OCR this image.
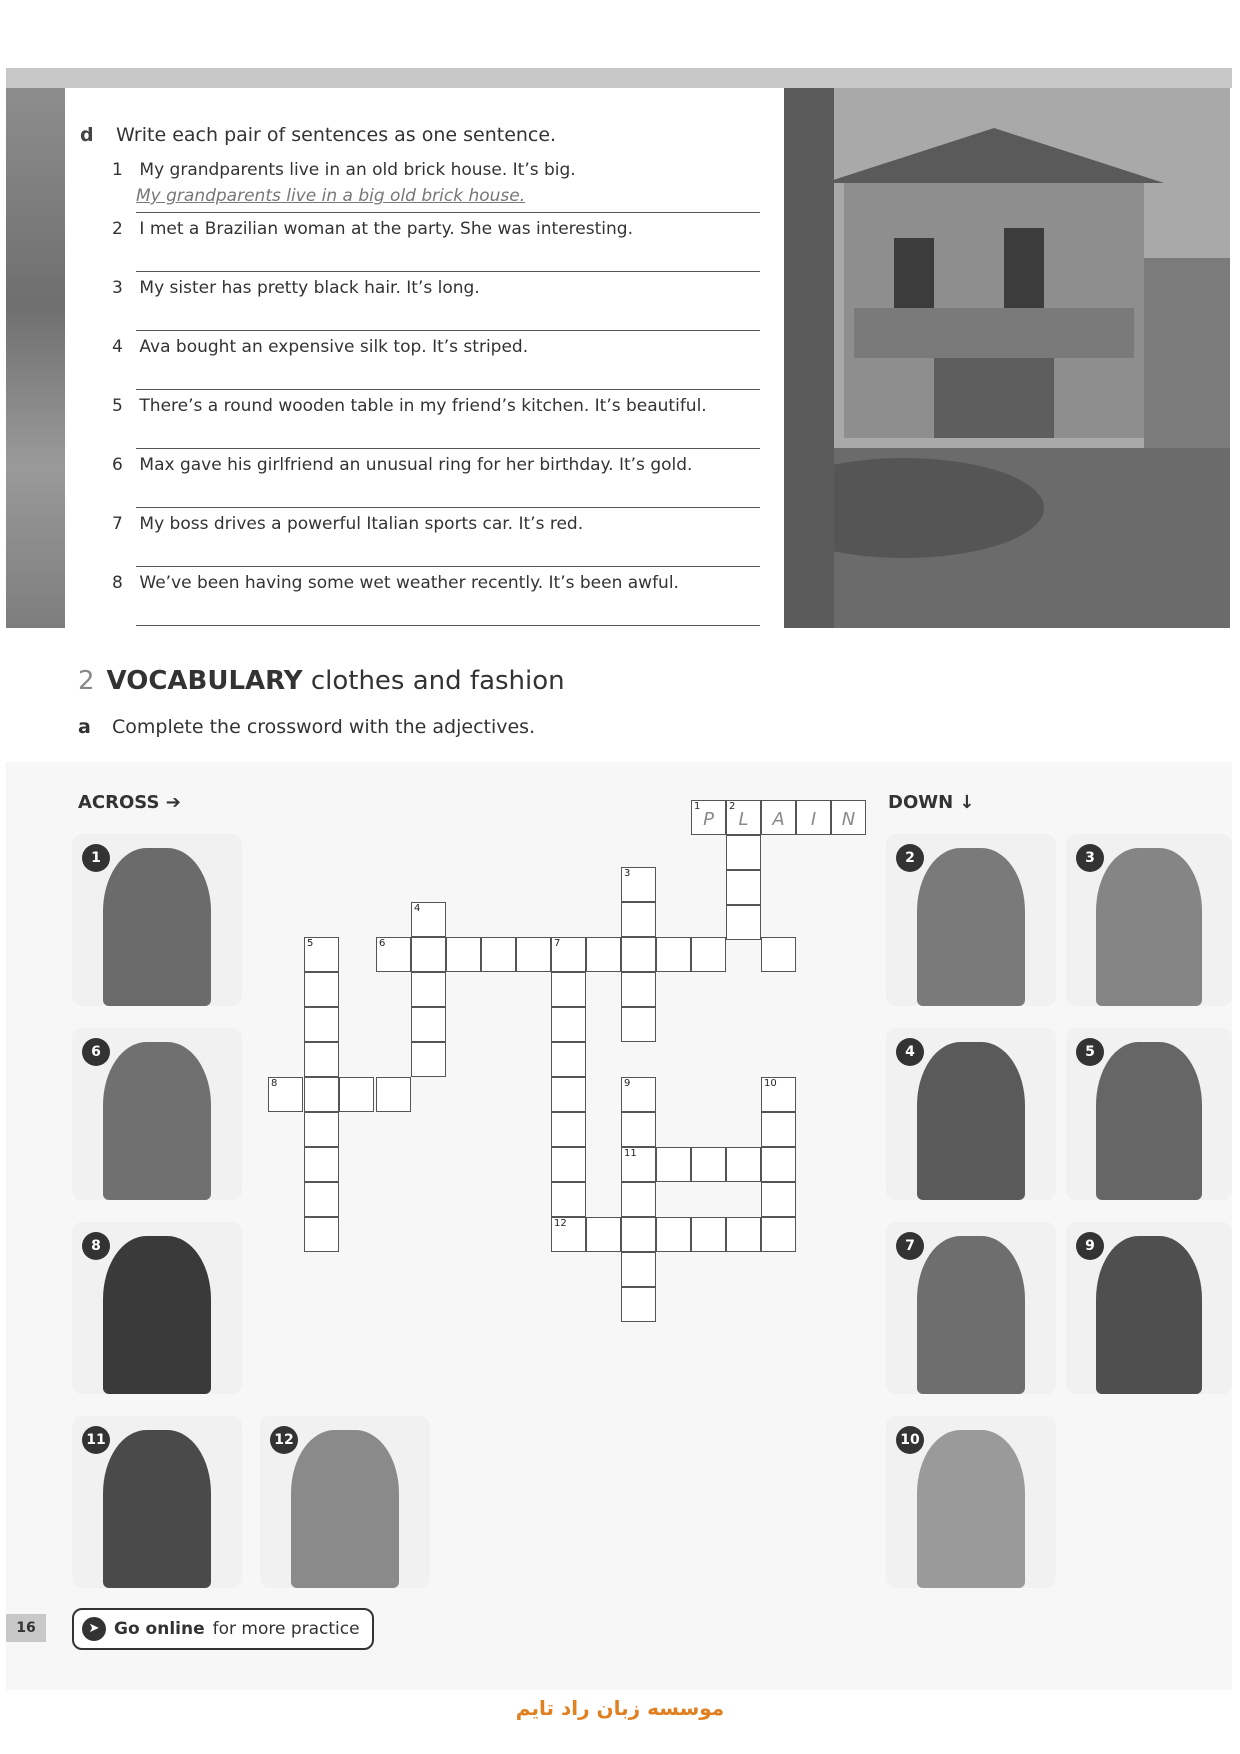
d Write each pair of sentences as one sentence.
1 My grandparents live in an old brick house. It’s big.
My grandparents live in a big old brick house.
2 I met a Brazilian woman at the party. She was interesting.
3 My sister has pretty black hair. It’s long.
4 Ava bought an expensive silk top. It’s striped.
5 There’s a round wooden table in my friend’s kitchen. It’s beautiful.
6 Max gave his girlfriend an unusual ring for her birthday. It’s gold.
7 My boss drives a powerful Italian sports car. It’s red.
8 We’ve been having some wet weather recently. It’s been awful.
2 VOCABULARY clothes and fashion
a Complete the crossword with the adjectives.
ACROSS ➔	DOWN ↓
1
6
8
11	12
2	3
4	5
7	9
10
1
P
2
L	A	I	N
3
4
5	6	7
8	9	10
11
12
16	➤ Go online for more practice
موسسه زبان راد تایم
